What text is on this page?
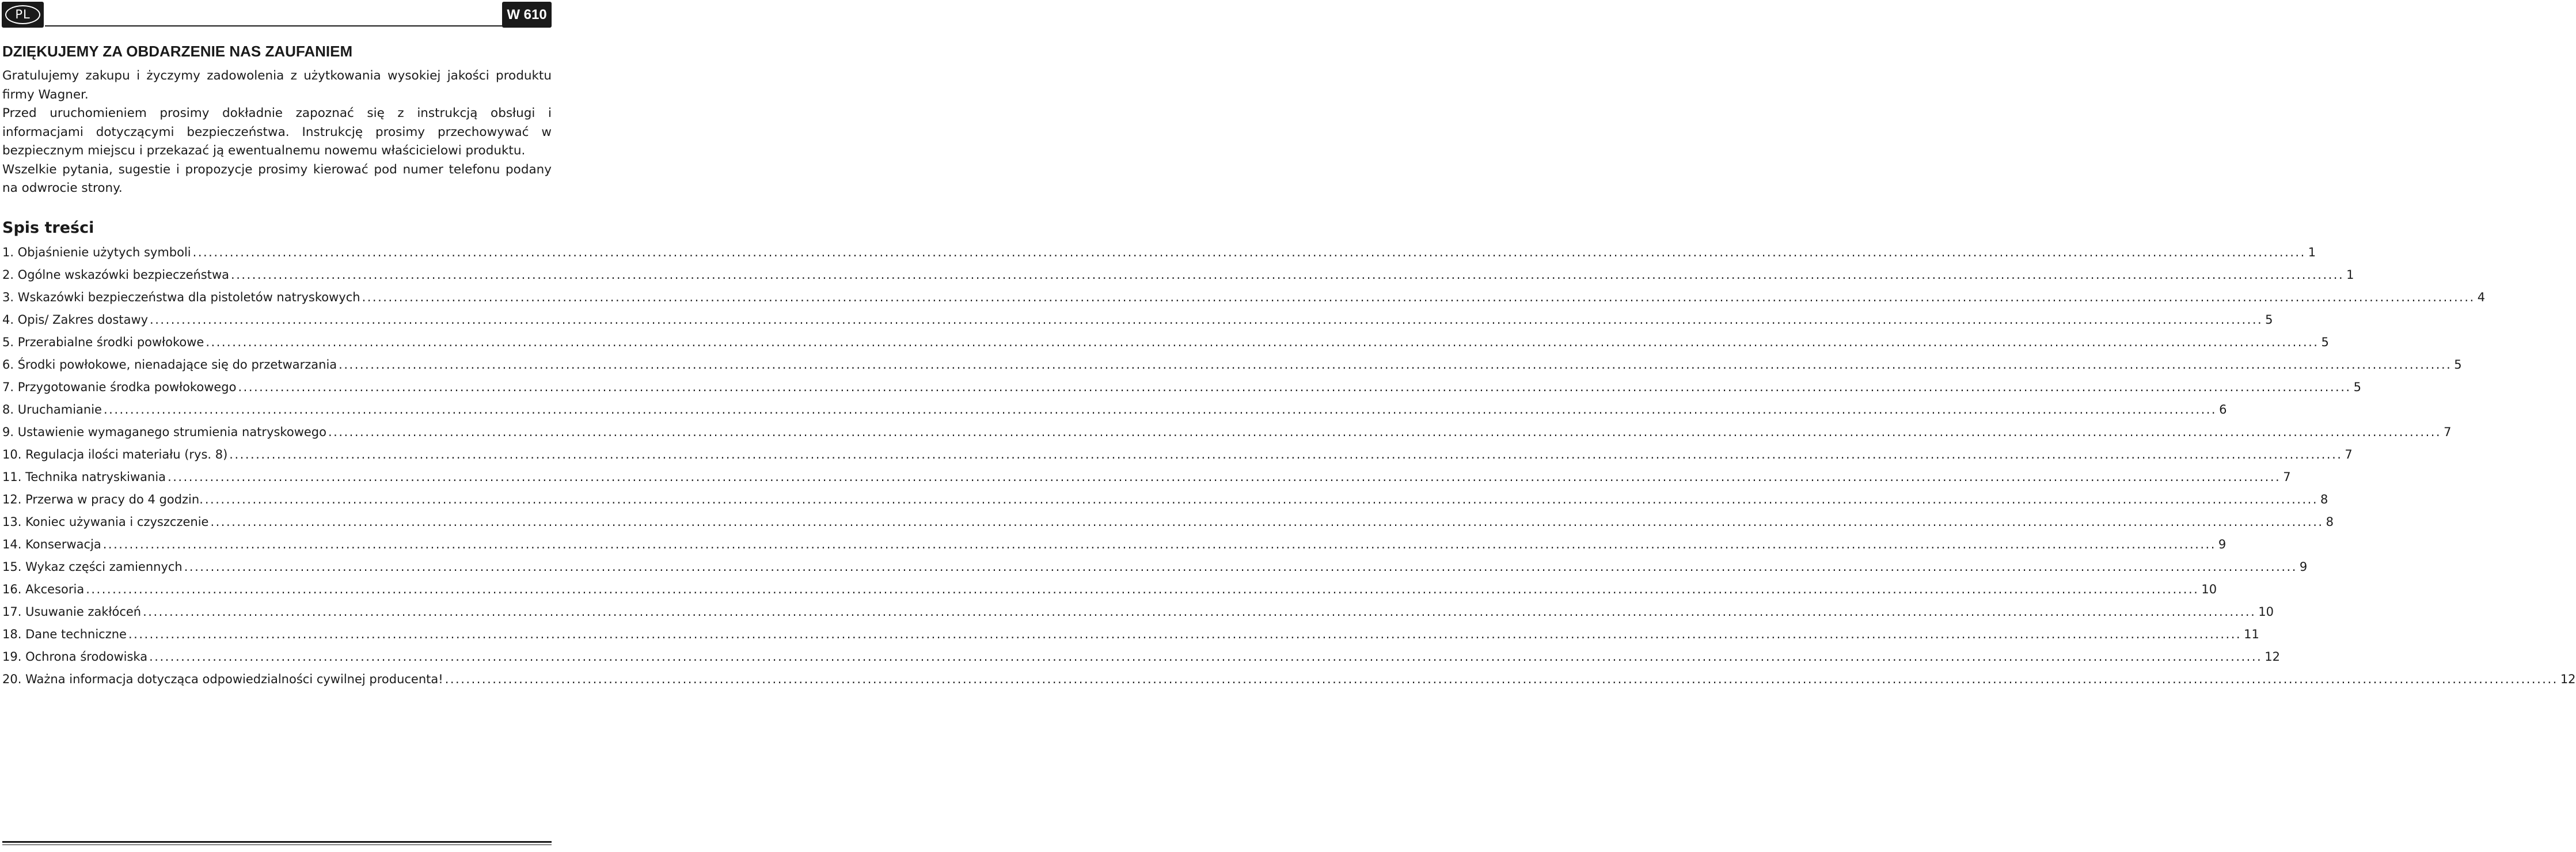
PL	W 610
DZIĘKUJEMY ZA OBDARZENIE NAS ZAUFANIEM

Gratulujemy zakupu i życzymy zadowolenia z użytkowania wysokiej jakości produktu firmy Wagner.

Przed uruchomieniem prosimy dokładnie zapoznać się z instrukcją obsługi i informacjami dotyczącymi bezpieczeństwa. Instrukcję prosimy przechowywać w bezpiecznym miejscu i przekazać ją ewentualnemu nowemu właścicielowi produktu.

Wszelkie pytania, sugestie i propozycje prosimy kierować pod numer telefonu podany na odwrocie strony.

Spis treści
1. Objaśnienie użytych symboli ................................................................................................................................................................................................................................................................................................................................................................................................................ 1
2. Ogólne wskazówki bezpieczeństwa ................................................................................................................................................................................................................................................................................................................................................................................................................ 1
3. Wskazówki bezpieczeństwa dla pistoletów natryskowych ................................................................................................................................................................................................................................................................................................................................................................................................................ 4
4. Opis/ Zakres dostawy ................................................................................................................................................................................................................................................................................................................................................................................................................ 5
5. Przerabialne środki powłokowe ................................................................................................................................................................................................................................................................................................................................................................................................................ 5
6. Środki powłokowe, nienadające się do przetwarzania ................................................................................................................................................................................................................................................................................................................................................................................................................ 5
7. Przygotowanie środka powłokowego ................................................................................................................................................................................................................................................................................................................................................................................................................ 5
8. Uruchamianie ................................................................................................................................................................................................................................................................................................................................................................................................................ 6
9. Ustawienie wymaganego strumienia natryskowego ................................................................................................................................................................................................................................................................................................................................................................................................................ 7
10. Regulacja ilości materiału (rys. 8) ................................................................................................................................................................................................................................................................................................................................................................................................................ 7
11. Technika natryskiwania ................................................................................................................................................................................................................................................................................................................................................................................................................ 7
12. Przerwa w pracy do 4 godzin. ................................................................................................................................................................................................................................................................................................................................................................................................................ 8
13. Koniec używania i czyszczenie ................................................................................................................................................................................................................................................................................................................................................................................................................ 8
14. Konserwacja ................................................................................................................................................................................................................................................................................................................................................................................................................ 9
15. Wykaz części zamiennych ................................................................................................................................................................................................................................................................................................................................................................................................................ 9
16. Akcesoria ................................................................................................................................................................................................................................................................................................................................................................................................................ 10
17. Usuwanie zakłóceń ................................................................................................................................................................................................................................................................................................................................................................................................................ 10
18. Dane techniczne ................................................................................................................................................................................................................................................................................................................................................................................................................ 11
19. Ochrona środowiska ................................................................................................................................................................................................................................................................................................................................................................................................................ 12
20. Ważna informacja dotycząca odpowiedzialności cywilnej producenta! ................................................................................................................................................................................................................................................................................................................................................................................................................ 12
